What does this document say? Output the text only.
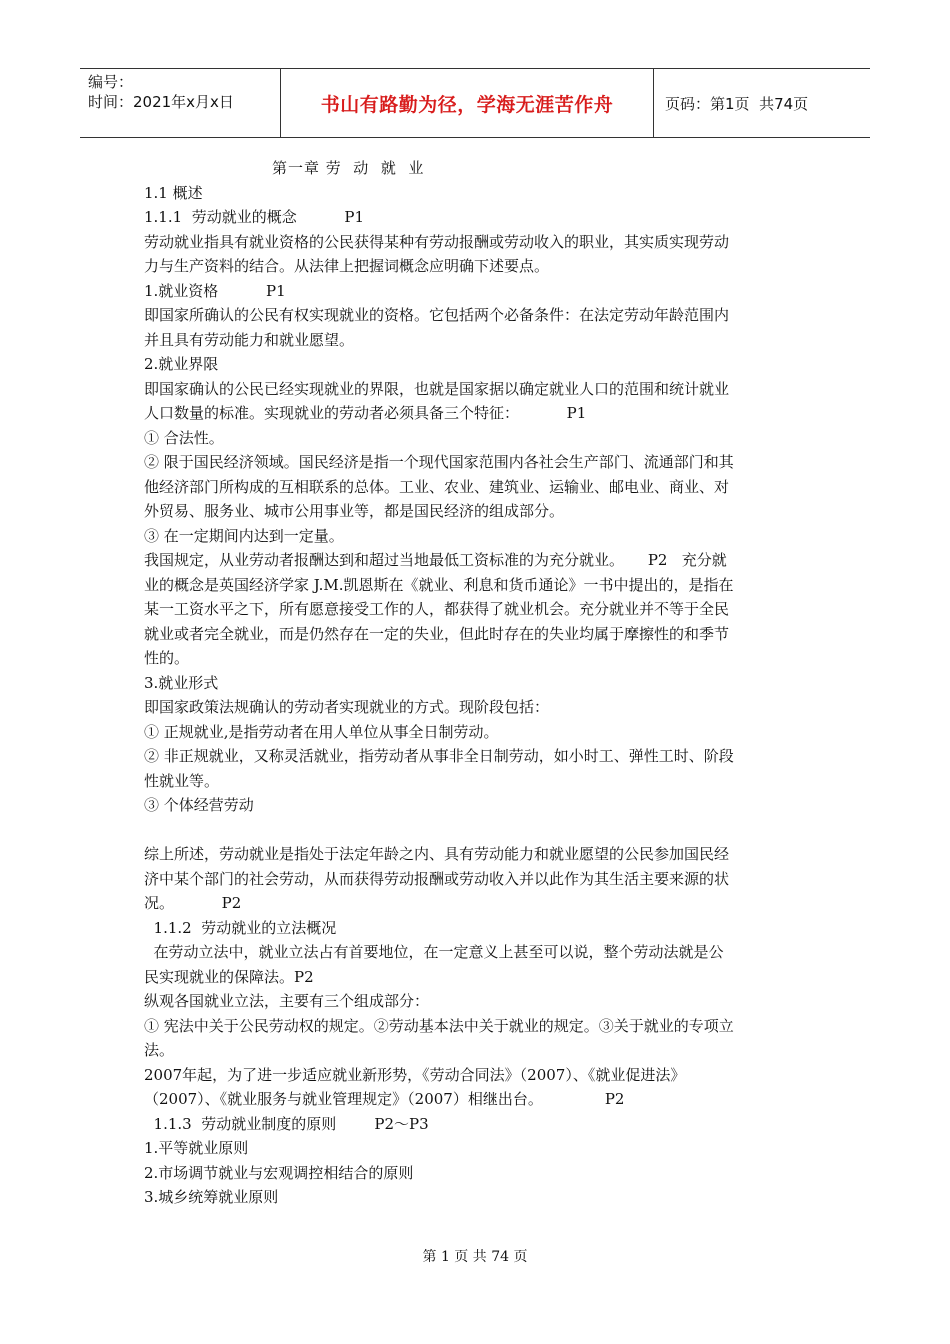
编号：
时间：2021年x月x日	书山有路勤为径，学海无涯苦作舟	页码：第1页  共74页
第一章 劳  动  就  业
1.1 概述
1.1.1  劳动就业的概念          P1
劳动就业指具有就业资格的公民获得某种有劳动报酬或劳动收入的职业，其实质实现劳动
力与生产资料的结合。从法律上把握词概念应明确下述要点。
1.就业资格          P1
即国家所确认的公民有权实现就业的资格。它包括两个必备条件：在法定劳动年龄范围内
并且具有劳动能力和就业愿望。
2.就业界限
即国家确认的公民已经实现就业的界限，也就是国家据以确定就业人口的范围和统计就业
人口数量的标准。实现就业的劳动者必须具备三个特征：          P1
① 合法性。
② 限于国民经济领域。国民经济是指一个现代国家范围内各社会生产部门、流通部门和其
他经济部门所构成的互相联系的总体。工业、农业、建筑业、运输业、邮电业、商业、对
外贸易、服务业、城市公用事业等，都是国民经济的组成部分。
③ 在一定期间内达到一定量。
我国规定，从业劳动者报酬达到和超过当地最低工资标准的为充分就业。     P2   充分就
业的概念是英国经济学家 J.M.凯恩斯在《就业、利息和货币通论》一书中提出的，是指在
某一工资水平之下，所有愿意接受工作的人，都获得了就业机会。充分就业并不等于全民
就业或者完全就业，而是仍然存在一定的失业，但此时存在的失业均属于摩擦性的和季节
性的。
3.就业形式
即国家政策法规确认的劳动者实现就业的方式。现阶段包括：
① 正规就业,是指劳动者在用人单位从事全日制劳动。
② 非正规就业，又称灵活就业，指劳动者从事非全日制劳动，如小时工、弹性工时、阶段
性就业等。
③ 个体经营劳动
综上所述，劳动就业是指处于法定年龄之内、具有劳动能力和就业愿望的公民参加国民经
济中某个部门的社会劳动，从而获得劳动报酬或劳动收入并以此作为其生活主要来源的状
况。          P2
1.1.2  劳动就业的立法概况
在劳动立法中，就业立法占有首要地位，在一定意义上甚至可以说，整个劳动法就是公
民实现就业的保障法。P2
纵观各国就业立法，主要有三个组成部分：
① 宪法中关于公民劳动权的规定。②劳动基本法中关于就业的规定。③关于就业的专项立
法。
2007年起，为了进一步适应就业新形势，《劳动合同法》（2007）、《就业促进法》
（2007）、《就业服务与就业管理规定》（2007）相继出台。             P2
1.1.3  劳动就业制度的原则        P2～P3
1.平等就业原则
2.市场调节就业与宏观调控相结合的原则
3.城乡统筹就业原则
第 1 页 共 74 页
